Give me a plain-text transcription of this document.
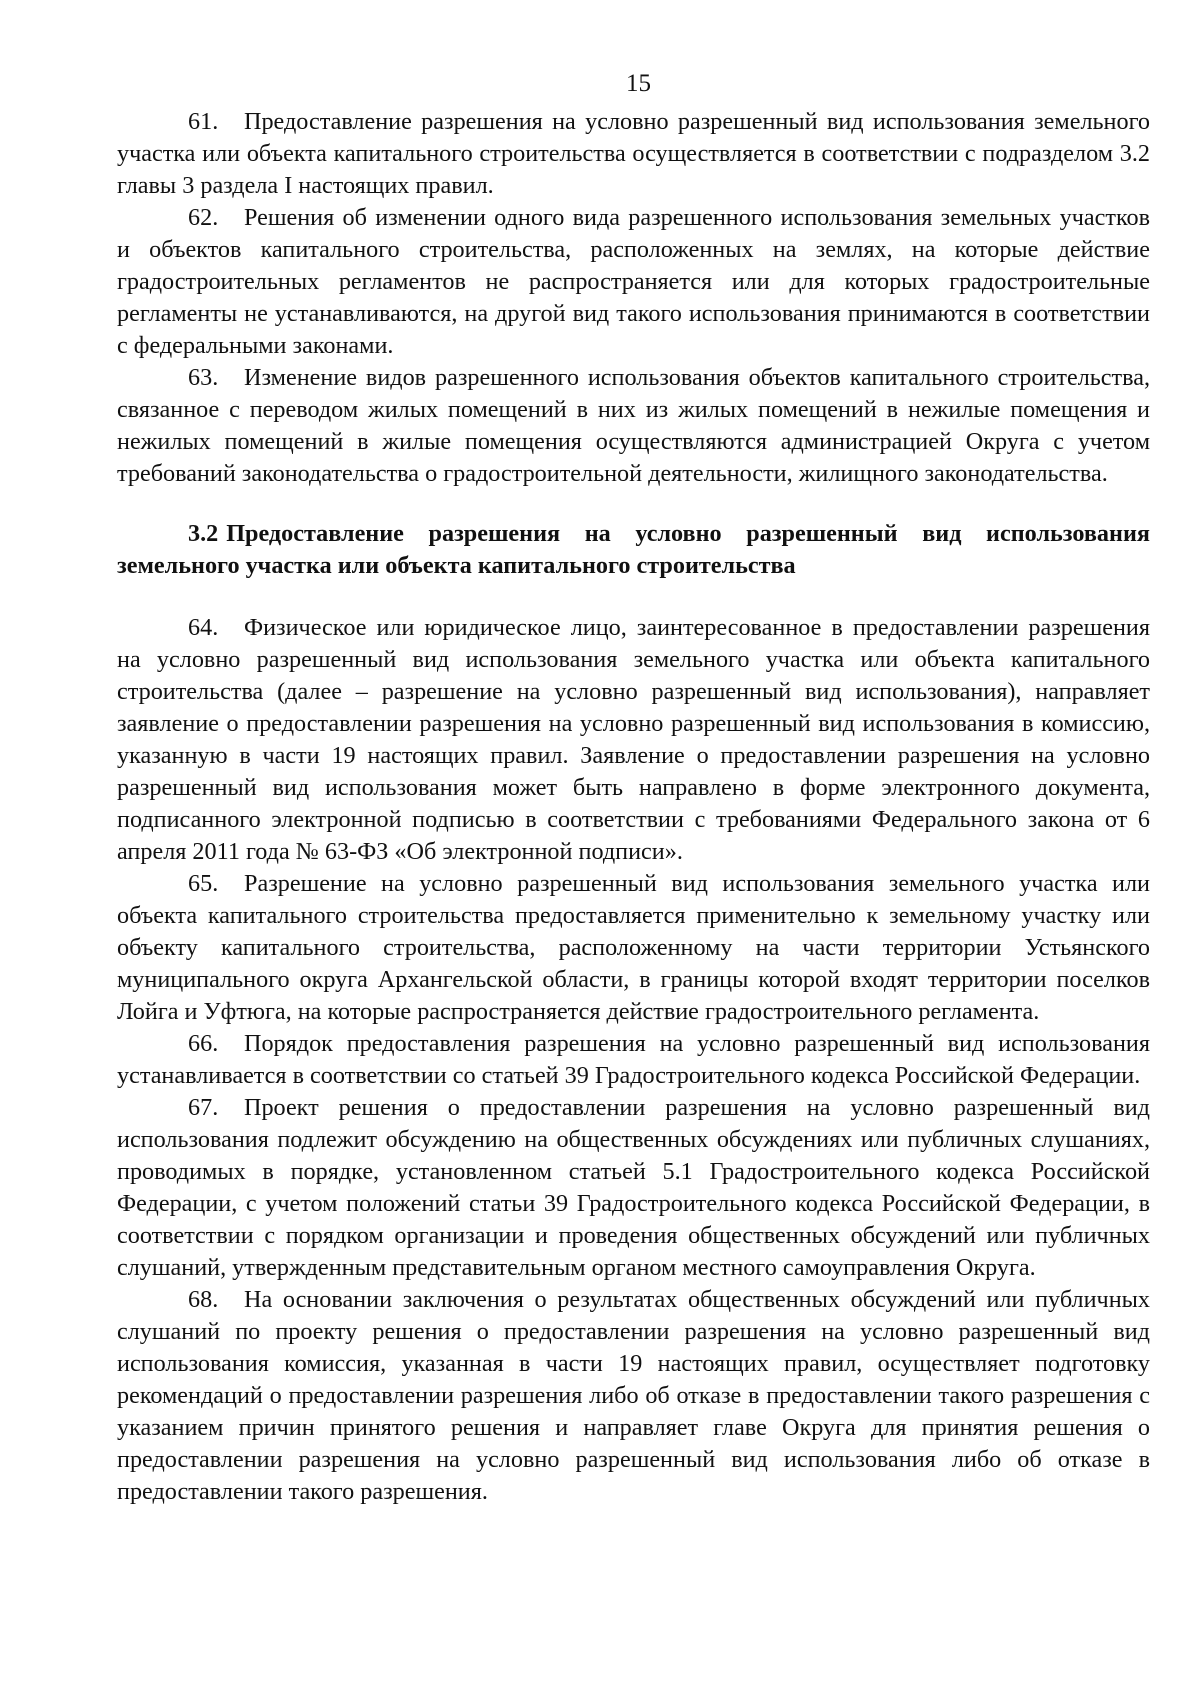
15

61. Предоставление разрешения на условно разрешенный вид использования земельного участка или объекта капитального строительства осуществляется в соответствии с подразделом 3.2 главы 3 раздела I настоящих правил.

62. Решения об изменении одного вида разрешенного использования земельных участков и объектов капитального строительства, расположенных на землях, на которые действие градостроительных регламентов не распространяется или для которых градостроительные регламенты не устанавливаются, на другой вид такого использования принимаются в соответствии с федеральными законами.

63. Изменение видов разрешенного использования объектов капитального строительства, связанное с переводом жилых помещений в них из жилых помещений в нежилые помещения и нежилых помещений в жилые помещения осуществляются администрацией Округа с учетом требований законодательства о градостроительной деятельности, жилищного законодательства.

3.2 Предоставление разрешения на условно разрешенный вид использования земельного участка или объекта капитального строительства

64. Физическое или юридическое лицо, заинтересованное в предоставлении разрешения на условно разрешенный вид использования земельного участка или объекта капитального строительства (далее – разрешение на условно разрешенный вид использования), направляет заявление о предоставлении разрешения на условно разрешенный вид использования в комиссию, указанную в части 19 настоящих правил. Заявление о предоставлении разрешения на условно разрешенный вид использования может быть направлено в форме электронного документа, подписанного электронной подписью в соответствии с требованиями Федерального закона от 6 апреля 2011 года № 63-ФЗ «Об электронной подписи».

65. Разрешение на условно разрешенный вид использования земельного участка или объекта капитального строительства предоставляется применительно к земельному участку или объекту капитального строительства, расположенному на части территории Устьянского муниципального округа Архангельской области, в границы которой входят территории поселков Лойга и Уфтюга, на которые распространяется действие градостроительного регламента.

66. Порядок предоставления разрешения на условно разрешенный вид использования устанавливается в соответствии со статьей 39 Градостроительного кодекса Российской Федерации.

67. Проект решения о предоставлении разрешения на условно разрешенный вид использования подлежит обсуждению на общественных обсуждениях или публичных слушаниях, проводимых в порядке, установленном статьей 5.1 Градостроительного кодекса Российской Федерации, с учетом положений статьи 39 Градостроительного кодекса Российской Федерации, в соответствии с порядком организации и проведения общественных обсуждений или публичных слушаний, утвержденным представительным органом местного самоуправления Округа.

68. На основании заключения о результатах общественных обсуждений или публичных слушаний по проекту решения о предоставлении разрешения на условно разрешенный вид использования комиссия, указанная в части 19 настоящих правил, осуществляет подготовку рекомендаций о предоставлении разрешения либо об отказе в предоставлении такого разрешения с указанием причин принятого решения и направляет главе Округа для принятия решения о предоставлении разрешения на условно разрешенный вид использования либо об отказе в предоставлении такого разрешения.
